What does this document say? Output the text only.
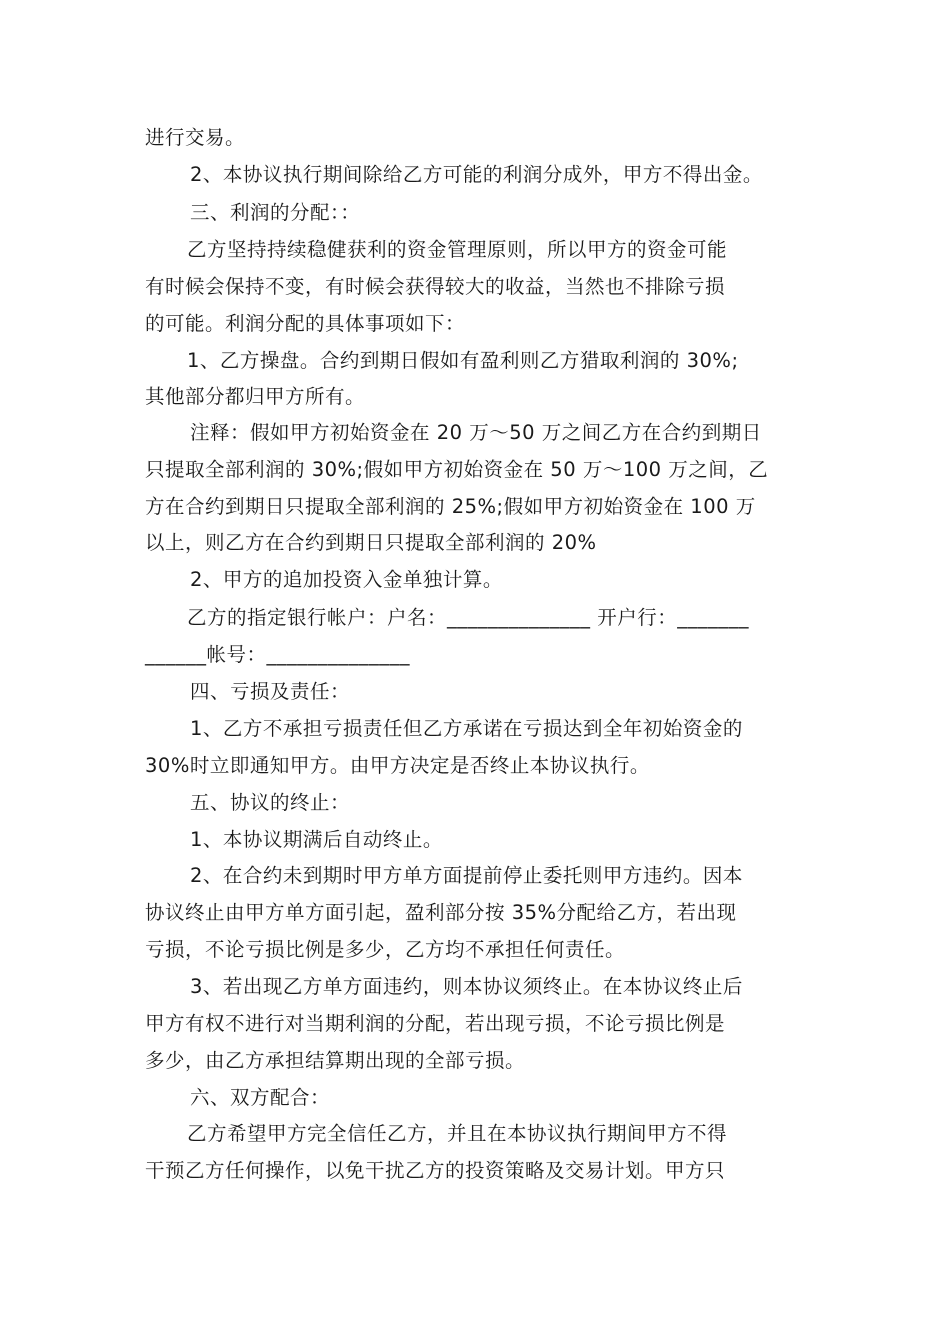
进行交易。
2、本协议执行期间除给乙方可能的利润分成外，甲方不得出金。
三、利润的分配：：
乙方坚持持续稳健获利的资金管理原则，所以甲方的资金可能
有时候会保持不变，有时候会获得较大的收益，当然也不排除亏损
的可能。利润分配的具体事项如下：
1、乙方操盘。合约到期日假如有盈利则乙方猎取利润的 30%;
其他部分都归甲方所有。
注释：假如甲方初始资金在 20 万～50 万之间乙方在合约到期日
只提取全部利润的 30%;假如甲方初始资金在 50 万～100 万之间，乙
方在合约到期日只提取全部利润的 25%;假如甲方初始资金在 100 万
以上，则乙方在合约到期日只提取全部利润的 20%
2、甲方的追加投资入金单独计算。
乙方的指定银行帐户：户名：______________ 开户行：_______
______帐号：______________
四、亏损及责任：
1、乙方不承担亏损责任但乙方承诺在亏损达到全年初始资金的
30%时立即通知甲方。由甲方决定是否终止本协议执行。
五、协议的终止：
1、本协议期满后自动终止。
2、在合约未到期时甲方单方面提前停止委托则甲方违约。因本
协议终止由甲方单方面引起，盈利部分按 35%分配给乙方，若出现
亏损，不论亏损比例是多少，乙方均不承担任何责任。
3、若出现乙方单方面违约，则本协议须终止。在本协议终止后
甲方有权不进行对当期利润的分配，若出现亏损，不论亏损比例是
多少，由乙方承担结算期出现的全部亏损。
六、双方配合：
乙方希望甲方完全信任乙方，并且在本协议执行期间甲方不得
干预乙方任何操作，以免干扰乙方的投资策略及交易计划。甲方只
